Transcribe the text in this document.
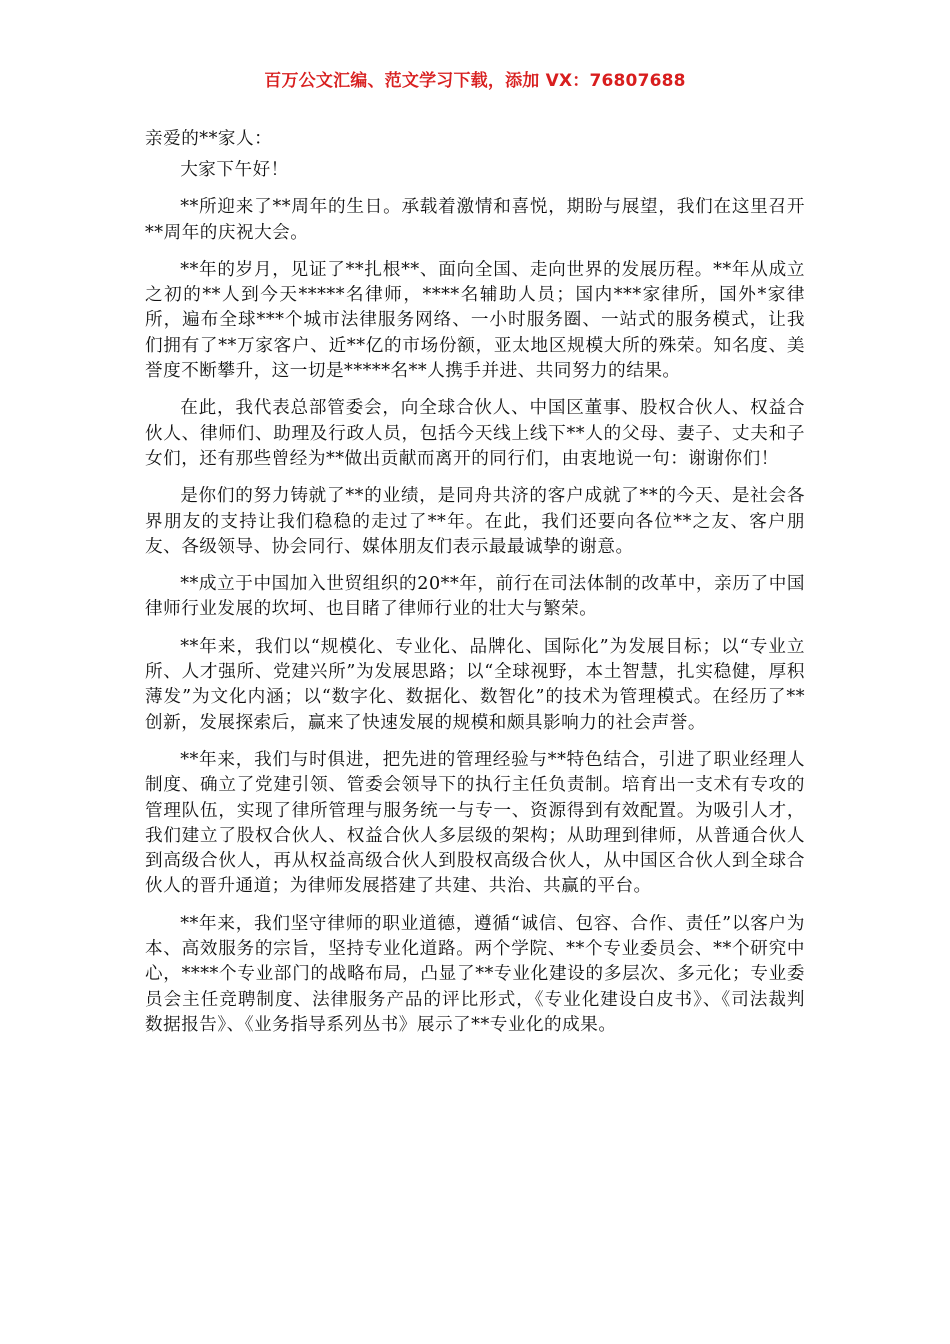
百万公文汇编、范文学习下载，添加 VX：76807688
亲爱的**家人：

大家下午好！

**所迎来了**周年的生日。承载着激情和喜悦，期盼与展望，我们在这里召开**周年的庆祝大会。

**年的岁月，见证了**扎根**、面向全国、走向世界的发展历程。**年从成立之初的**人到今天*****名律师，****名辅助人员；国内***家律所，国外*家律所，遍布全球***个城市法律服务网络、一小时服务圈、一站式的服务模式，让我们拥有了**万家客户、近**亿的市场份额，亚太地区规模大所的殊荣。知名度、美誉度不断攀升，这一切是*****名**人携手并进、共同努力的结果。

在此，我代表总部管委会，向全球合伙人、中国区董事、股权合伙人、权益合伙人、律师们、助理及行政人员，包括今天线上线下**人的父母、妻子、丈夫和子女们，还有那些曾经为**做出贡献而离开的同行们，由衷地说一句：谢谢你们！

是你们的努力铸就了**的业绩，是同舟共济的客户成就了**的今天、是社会各界朋友的支持让我们稳稳的走过了**年。在此，我们还要向各位**之友、客户朋友、各级领导、协会同行、媒体朋友们表示最最诚挚的谢意。

**成立于中国加入世贸组织的20**年，前行在司法体制的改革中，亲历了中国律师行业发展的坎坷、也目睹了律师行业的壮大与繁荣。

**年来，我们以“规模化、专业化、品牌化、国际化”为发展目标；以“专业立所、人才强所、党建兴所”为发展思路；以“全球视野，本土智慧，扎实稳健，厚积薄发”为文化内涵；以“数字化、数据化、数智化”的技术为管理模式。在经历了**创新，发展探索后，赢来了快速发展的规模和颇具影响力的社会声誉。

**年来，我们与时俱进，把先进的管理经验与**特色结合，引进了职业经理人制度、确立了党建引领、管委会领导下的执行主任负责制。培育出一支术有专攻的管理队伍，实现了律所管理与服务统一与专一、资源得到有效配置。为吸引人才，我们建立了股权合伙人、权益合伙人多层级的架构；从助理到律师，从普通合伙人到高级合伙人，再从权益高级合伙人到股权高级合伙人，从中国区合伙人到全球合伙人的晋升通道；为律师发展搭建了共建、共治、共赢的平台。

**年来，我们坚守律师的职业道德，遵循“诚信、包容、合作、责任”以客户为本、高效服务的宗旨，坚持专业化道路。两个学院、**个专业委员会、**个研究中心，****个专业部门的战略布局，凸显了**专业化建设的多层次、多元化；专业委员会主任竞聘制度、法律服务产品的评比形式，《专业化建设白皮书》、《司法裁判数据报告》、《业务指导系列丛书》展示了**专业化的成果。
